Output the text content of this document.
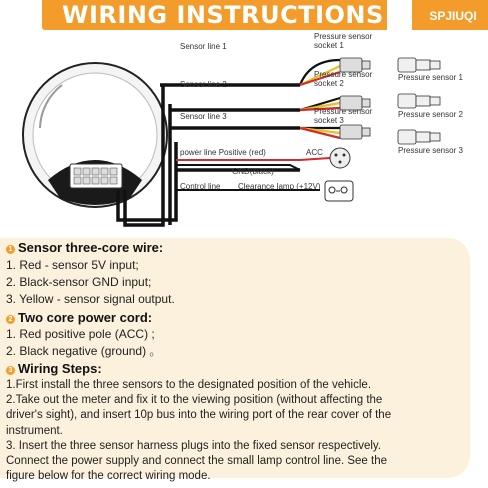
WIRING INSTRUCTIONS	SPJIUQI
Sensor line 1
Sensor line 2
Sensor line 3
Pressure sensor
socket 1
Pressure sensor
socket 2
Pressure sensor
socket 3
Pressure sensor 1
Pressure sensor 2
Pressure sensor 3
power line Positive (red)	ACC
GND(black)
Control line Clearance lamp (+12V)
1 Sensor three-core wire:
1. Red - sensor 5V input;
2. Black-sensor GND input;
3. Yellow - sensor signal output.
2 Two core power cord:
1. Red positive pole (ACC) ;
2. Black negative (ground) 。
3 Wiring Steps:
1.First install the three sensors to the designated position of the vehicle.
2.Take out the meter and fix it to the viewing position (without affecting the
driver's sight), and insert 10p bus into the wiring port of the rear cover of the
instrument.
3. Insert the three sensor harness plugs into the fixed sensor respectively.
Connect the power supply and connect the small lamp control line. See the
figure below for the correct wiring mode.
